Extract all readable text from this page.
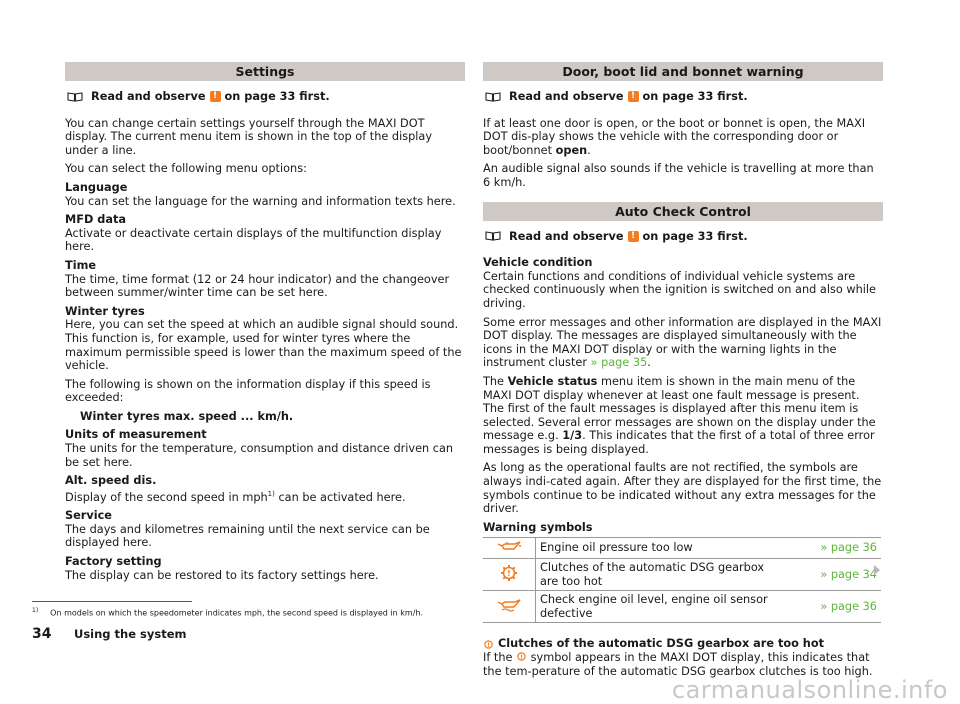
Settings
Read and observe ! on page 33 first.

You can change certain settings yourself through the MAXI DOT display. The current menu item is shown in the top of the display under a line.

You can select the following menu options:

Language
You can set the language for the warning and information texts here.
MFD data
Activate or deactivate certain displays of the multifunction display here.
Time
The time, time format (12 or 24 hour indicator) and the changeover between summer/winter time can be set here.
Winter tyres
Here, you can set the speed at which an audible signal should sound. This function is, for example, used for winter tyres where the maximum permissible speed is lower than the maximum speed of the vehicle.

The following is shown on the information display if this speed is exceeded:

Winter tyres max. speed ... km/h.

Units of measurement
The units for the temperature, consumption and distance driven can be set here.
Alt. speed dis.
Display of the second speed in mph$^{1)}$ can be activated here.
Service
The days and kilometres remaining until the next service can be displayed here.
Factory setting
The display can be restored to its factory settings here.
Door, boot lid and bonnet warning
Read and observe ! on page 33 first.

If at least one door is open, or the boot or bonnet is open, the MAXI DOT dis-play shows the vehicle with the corresponding door or boot/bonnet open.

An audible signal also sounds if the vehicle is travelling at more than 6 km/h.

Auto Check Control
Read and observe ! on page 33 first.
Vehicle condition
Certain functions and conditions of individual vehicle systems are checked continuously when the ignition is switched on and also while driving.

Some error messages and other information are displayed in the MAXI DOT display. The messages are displayed simultaneously with the icons in the MAXI DOT display or with the warning lights in the instrument cluster » page 35.

The Vehicle status menu item is shown in the main menu of the MAXI DOT display whenever at least one fault message is present. The first of the fault messages is displayed after this menu item is selected. Several error messages are shown on the display under the message e.g. 1/3. This indicates that the first of a total of three error messages is being displayed.

As long as the operational faults are not rectified, the symbols are always indi-cated again. After they are displayed for the first time, the symbols continue to be indicated without any extra messages for the driver.

Warning symbols

	Engine oil pressure too low	» page 36

!	Clutches of the automatic DSG gearbox are too hot	» page 34
	Check engine oil level, engine oil sensor defective	» page 36

! Clutches of the automatic DSG gearbox are too hot

If the ! symbol appears in the MAXI DOT display, this indicates that the tem-perature of the automatic DSG gearbox clutches is too high.

$^{1)}$ On models on which the speedometer indicates mph, the second speed is displayed in km/h.
34	Using the system
carmanualsonline.info
